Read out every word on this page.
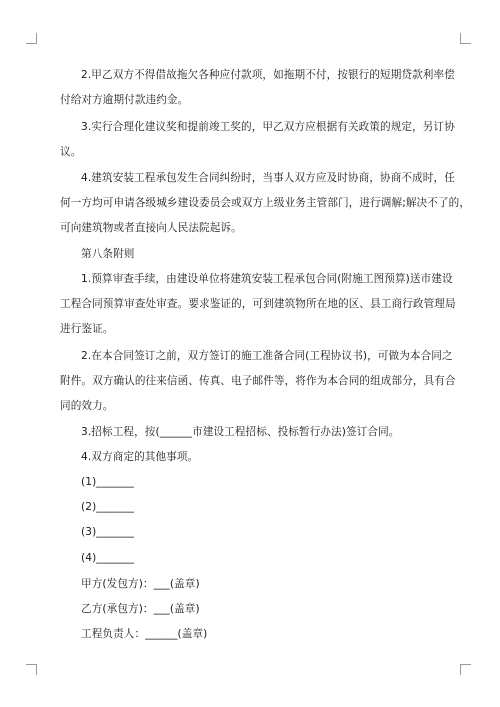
2.甲乙双方不得借故拖欠各种应付款项，如拖期不付，按银行的短期贷款利率偿
付给对方逾期付款违约金。
3.实行合理化建议奖和提前竣工奖的，甲乙双方应根据有关政策的规定，另订协
议。
4.建筑安装工程承包发生合同纠纷时，当事人双方应及时协商，协商不成时，任
何一方均可申请各级城乡建设委员会或双方上级业务主管部门，进行调解;解决不了的，
可向建筑物或者直接向人民法院起诉。
第八条附则
1.预算审查手续，由建设单位将建筑安装工程承包合同(附施工图预算)送市建设
工程合同预算审查处审查。要求鉴证的，可到建筑物所在地的区、县工商行政管理局
进行鉴证。
2.在本合同签订之前，双方签订的施工准备合同(工程协议书)，可做为本合同之
附件。双方确认的往来信函、传真、电子邮件等，将作为本合同的组成部分，具有合
同的效力。
3.招标工程，按(______市建设工程招标、投标暂行办法)签订合同。
4.双方商定的其他事项。
(1)_______
(2)_______
(3)_______
(4)_______
甲方(发包方)：___(盖章)
乙方(承包方)：___(盖章)
工程负责人：______(盖章)
